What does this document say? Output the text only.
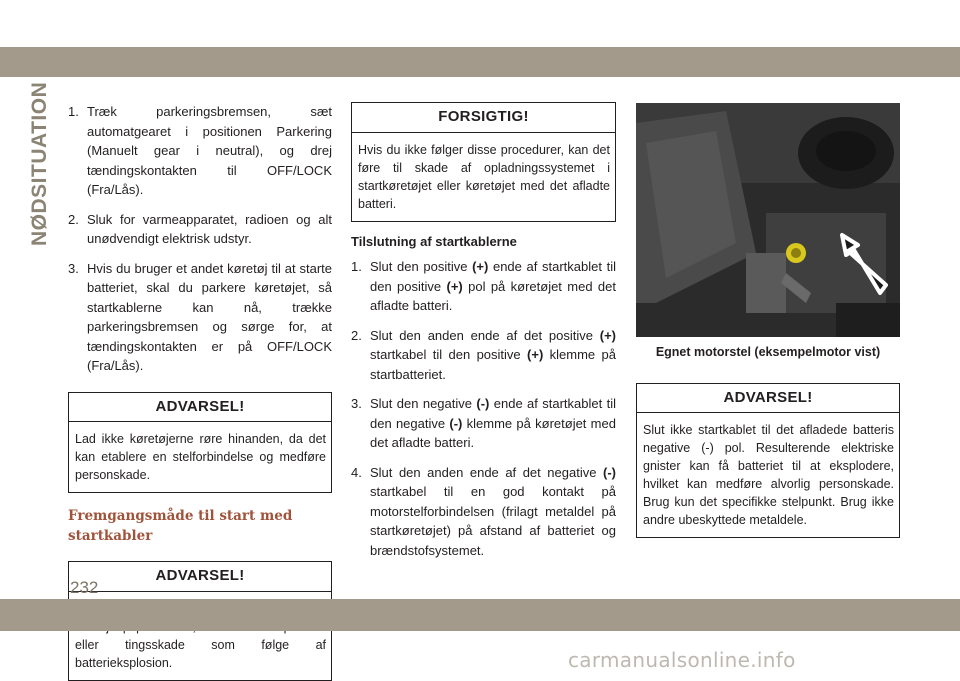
NØDSITUATION	1. Træk parkeringsbremsen, sæt automatgearet i positionen Parkering (Manuelt gear i neutral), og drej tændingskontakten til OFF/LOCK (Fra/Lås).
2. Sluk for varmeapparatet, radioen og alt unødvendigt elektrisk udstyr.
3. Hvis du bruger et andet køretøj til at starte batteriet, skal du parkere køretøjet, så startkablerne kan nå, trække parkeringsbremsen og sørge for, at tændingskontakten er på OFF/LOCK (Fra/Lås).
ADVARSEL!
Lad ikke køretøjerne røre hinanden, da det kan etablere en stelforbindelse og medføre personskade.
Fremgangsmåde til start med startkabler
ADVARSEL!
eller tingsskade som følge af batterieksplosion.
FORSIGTIG!
Hvis du ikke følger disse procedurer, kan det føre til skade af opladningssystemet i startkøretøjet eller køretøjet med det afladte batteri.
Tilslutning af startkablerne
1. Slut den positive (+) ende af startkablet til den positive (+) pol på køretøjet med det afladte batteri.
2. Slut den anden ende af det positive (+) startkabel til den positive (+) klemme på startbatteriet.
3. Slut den negative (-) ende af startkablet til den negative (-) klemme på køretøjet med det afladte batteri.
4. Slut den anden ende af det negative (-) startkabel til en god kontakt på motorstelforbindelsen (frilagt metaldel på startkøretøjet) på afstand af batteriet og brændstofsystemet.
Egnet motorstel (eksempelmotor vist)
ADVARSEL!
Slut ikke startkablet til det afladede batteris negative (-) pol. Resulterende elektriske gnister kan få batteriet til at eksplodere, hvilket kan medføre alvorlig personskade. Brug kun det specifikke stelpunkt. Brug ikke andre ubeskyttede metaldele.
232
carmanualsonline.info
